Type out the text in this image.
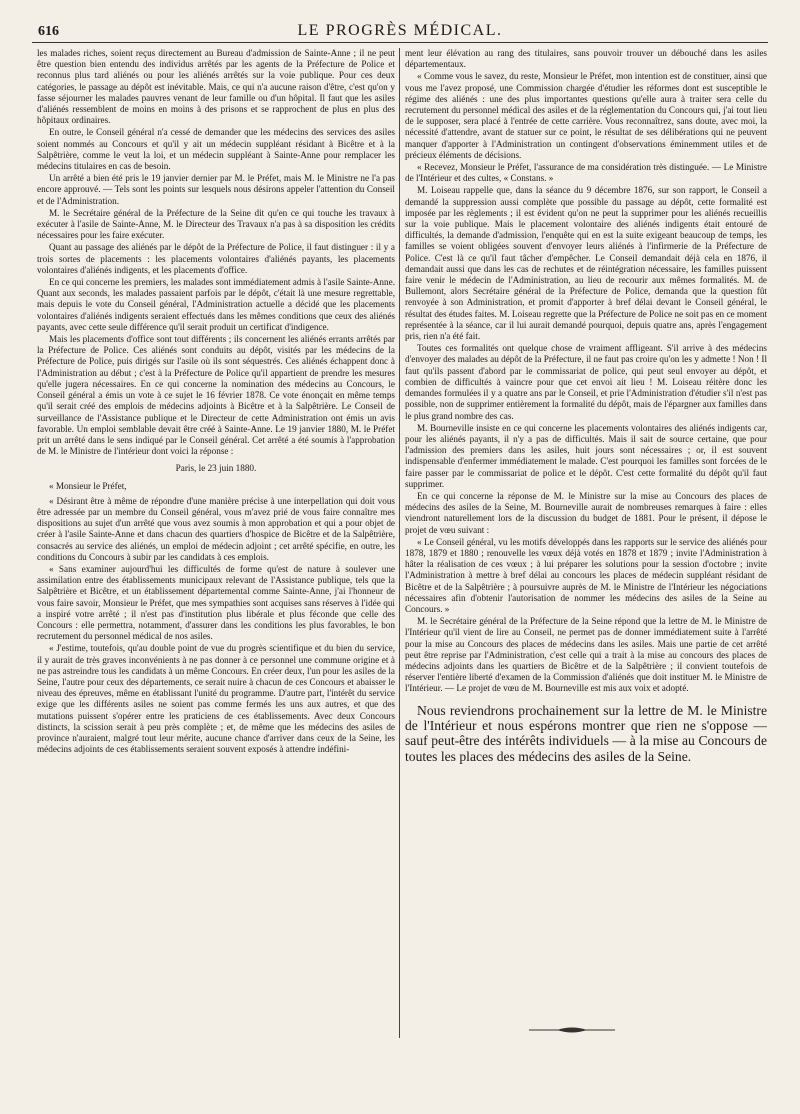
616	LE PROGRÈS MÉDICAL.

les malades riches, soient reçus directement au Bureau d'admission de Sainte-Anne ; il ne peut être question bien entendu des individus arrêtés par les agents de la Préfecture de Police et reconnus plus tard aliénés ou pour les aliénés arrêtés sur la voie publique. Pour ces deux catégories, le passage au dépôt est inévitable. Mais, ce qui n'a aucune raison d'être, c'est qu'on y fasse séjourner les malades pauvres venant de leur famille ou d'un hôpital. Il faut que les asiles d'aliénés ressemblent de moins en moins à des prisons et se rapprochent de plus en plus des hôpitaux ordinaires.

En outre, le Conseil général n'a cessé de demander que les médecins des services des asiles soient nommés au Concours et qu'il y ait un médecin suppléant résidant à Bicêtre et à la Salpêtrière, comme le veut la loi, et un médecin suppléant à Sainte-Anne pour remplacer les médecins titulaires en cas de besoin.

Un arrêté a bien été pris le 19 janvier dernier par M. le Préfet, mais M. le Ministre ne l'a pas encore approuvé. — Tels sont les points sur lesquels nous désirons appeler l'attention du Conseil et de l'Administration.

M. le Secrétaire général de la Préfecture de la Seine dit qu'en ce qui touche les travaux à exécuter à l'asile de Sainte-Anne, M. le Directeur des Travaux n'a pas à sa disposition les crédits nécessaires pour les faire exécuter.

Quant au passage des aliénés par le dépôt de la Préfecture de Police, il faut distinguer : il y a trois sortes de placements : les placements volontaires d'aliénés payants, les placements volontaires d'aliénés indigents, et les placements d'office.

En ce qui concerne les premiers, les malades sont immédiatement admis à l'asile Sainte-Anne. Quant aux seconds, les malades passaient parfois par le dépôt, c'était là une mesure regrettable, mais depuis le vote du Conseil général, l'Administration actuelle a décidé que les placements volontaires d'aliénés indigents seraient effectués dans les mêmes conditions que ceux des aliénés payants, avec cette seule différence qu'il serait produit un certificat d'indigence.

Mais les placements d'office sont tout différents ; ils concernent les aliénés errants arrêtés par la Préfecture de Police. Ces aliénés sont conduits au dépôt, visités par les médecins de la Préfecture de Police, puis dirigés sur l'asile où ils sont séquestrés. Ces aliénés échappent donc à l'Administration au début ; c'est à la Préfecture de Police qu'il appartient de prendre les mesures qu'elle jugera nécessaires. En ce qui concerne la nomination des médecins au Concours, le Conseil général a émis un vote à ce sujet le 16 février 1878. Ce vote énonçait en même temps qu'il serait créé des emplois de médecins adjoints à Bicêtre et à la Salpêtrière. Le Conseil de surveillance de l'Assistance publique et le Directeur de cette Administration ont émis un avis favorable. Un emploi semblable devait être créé à Sainte-Anne. Le 19 janvier 1880, M. le Préfet prit un arrêté dans le sens indiqué par le Conseil général. Cet arrêté a été soumis à l'approbation de M. le Ministre de l'intérieur dont voici la réponse :

Paris, le 23 juin 1880.

« Monsieur le Préfet,

« Désirant être à même de répondre d'une manière précise à une interpellation qui doit vous être adressée par un membre du Conseil général, vous m'avez prié de vous faire connaître mes dispositions au sujet d'un arrêté que vous avez soumis à mon approbation et qui a pour objet de créer à l'asile Sainte-Anne et dans chacun des quartiers d'hospice de Bicêtre et de la Salpêtrière, consacrés au service des aliénés, un emploi de médecin adjoint ; cet arrêté spécifie, en outre, les conditions du Concours à subir par les candidats à ces emplois.

« Sans examiner aujourd'hui les difficultés de forme qu'est de nature à soulever une assimilation entre des établissements municipaux relevant de l'Assistance publique, tels que la Salpêtrière et Bicêtre, et un établissement départemental comme Sainte-Anne, j'ai l'honneur de vous faire savoir, Monsieur le Préfet, que mes sympathies sont acquises sans réserves à l'idée qui a inspiré votre arrêté ; il n'est pas d'institution plus libérale et plus féconde que celle des Concours : elle permettra, notamment, d'assurer dans les conditions les plus favorables, le bon recrutement du personnel médical de nos asiles.

« J'estime, toutefois, qu'au double point de vue du progrès scientifique et du bien du service, il y aurait de très graves inconvénients à ne pas donner à ce personnel une commune origine et à ne pas astreindre tous les candidats à un même Concours. En créer deux, l'un pour les asiles de la Seine, l'autre pour ceux des départements, ce serait nuire à chacun de ces Concours et abaisser le niveau des épreuves, même en établissant l'unité du programme. D'autre part, l'intérêt du service exige que les différents asiles ne soient pas comme fermés les uns aux autres, et que des mutations puissent s'opérer entre les praticiens de ces établissements. Avec deux Concours distincts, la scission serait à peu près complète ; et, de même que les médecins des asiles de province n'auraient, malgré tout leur mérite, aucune chance d'arriver dans ceux de la Seine, les médecins adjoints de ces établissements seraient souvent exposés à attendre indéfini-

ment leur élévation au rang des titulaires, sans pouvoir trouver un débouché dans les asiles départementaux.

« Comme vous le savez, du reste, Monsieur le Préfet, mon intention est de constituer, ainsi que vous me l'avez proposé, une Commission chargée d'étudier les réformes dont est susceptible le régime des aliénés : une des plus importantes questions qu'elle aura à traiter sera celle du recrutement du personnel médical des asiles et de la réglementation du Concours qui, j'ai tout lieu de le supposer, sera placé à l'entrée de cette carrière. Vous reconnaîtrez, sans doute, avec moi, la nécessité d'attendre, avant de statuer sur ce point, le résultat de ses délibérations qui ne peuvent manquer d'apporter à l'Administration un contingent d'observations éminemment utiles et de précieux éléments de décisions.

« Recevez, Monsieur le Préfet, l'assurance de ma considération très distinguée. — Le Ministre de l'Intérieur et des cultes, « Constans. »

M. Loiseau rappelle que, dans la séance du 9 décembre 1876, sur son rapport, le Conseil a demandé la suppression aussi complète que possible du passage au dépôt, cette formalité est imposée par les règlements ; il est évident qu'on ne peut la supprimer pour les aliénés recueillis sur la voie publique. Mais le placement volontaire des aliénés indigents était entouré de difficultés, la demande d'admission, l'enquête qui en est la suite exigeant beaucoup de temps, les familles se voient obligées souvent d'envoyer leurs aliénés à l'infirmerie de la Préfecture de Police. C'est là ce qu'il faut tâcher d'empêcher. Le Conseil demandait déjà cela en 1876, il demandait aussi que dans les cas de rechutes et de réintégration nécessaire, les familles puissent faire venir le médecin de l'Administration, au lieu de recourir aux mêmes formalités. M. de Bullemont, alors Secrétaire général de la Préfecture de Police, demanda que la question fût renvoyée à son Administration, et promit d'apporter à bref délai devant le Conseil général, le résultat des études faites. M. Loiseau regrette que la Préfecture de Police ne soit pas en ce moment représentée à la séance, car il lui aurait demandé pourquoi, depuis quatre ans, après l'engagement pris, rien n'a été fait.

Toutes ces formalités ont quelque chose de vraiment affligeant. S'il arrive à des médecins d'envoyer des malades au dépôt de la Préfecture, il ne faut pas croire qu'on les y admette ! Non ! Il faut qu'ils passent d'abord par le commissariat de police, qui peut seul envoyer au dépôt, et combien de difficultés à vaincre pour que cet envoi ait lieu ! M. Loiseau réitère donc les demandes formulées il y a quatre ans par le Conseil, et prie l'Administration d'étudier s'il n'est pas possible, non de supprimer entièrement la formalité du dépôt, mais de l'épargner aux familles dans le plus grand nombre des cas.

M. Bourneville insiste en ce qui concerne les placements volontaires des aliénés indigents car, pour les aliénés payants, il n'y a pas de difficultés. Mais il sait de source certaine, que pour l'admission des premiers dans les asiles, huit jours sont nécessaires ; or, il est souvent indispensable d'enfermer immédiatement le malade. C'est pourquoi les familles sont forcées de le faire passer par le commissariat de police et le dépôt. C'est cette formalité du dépôt qu'il faut supprimer.

En ce qui concerne la réponse de M. le Ministre sur la mise au Concours des places de médecins des asiles de la Seine, M. Bourneville aurait de nombreuses remarques à faire : elles viendront naturellement lors de la discussion du budget de 1881. Pour le présent, il dépose le projet de vœu suivant :

« Le Conseil général, vu les motifs développés dans les rapports sur le service des aliénés pour 1878, 1879 et 1880 ; renouvelle les vœux déjà votés en 1878 et 1879 ; invite l'Administration à hâter la réalisation de ces vœux ; à lui préparer les solutions pour la session d'octobre ; invite l'Administration à mettre à bref délai au concours les places de médecin suppléant résidant de Bicêtre et de la Salpêtrière ; à poursuivre auprès de M. le Ministre de l'Intérieur les négociations nécessaires afin d'obtenir l'autorisation de nommer les médecins des asiles de la Seine au Concours. »

M. le Secrétaire général de la Préfecture de la Seine répond que la lettre de M. le Ministre de l'Intérieur qu'il vient de lire au Conseil, ne permet pas de donner immédiatement suite à l'arrêté pour la mise au Concours des places de médecins dans les asiles. Mais une partie de cet arrêté peut être reprise par l'Administration, c'est celle qui a trait à la mise au concours des places de médecins adjoints dans les quartiers de Bicêtre et de la Salpêtrière ; il convient toutefois de réserver l'entière liberté d'examen de la Commission d'aliénés que doit instituer M. le Ministre de l'Intérieur. — Le projet de vœu de M. Bourneville est mis aux voix et adopté.

Nous reviendrons prochainement sur la lettre de M. le Ministre de l'Intérieur et nous espérons montrer que rien ne s'oppose — sauf peut-être des intérêts individuels — à la mise au Concours de toutes les places des médecins des asiles de la Seine.
